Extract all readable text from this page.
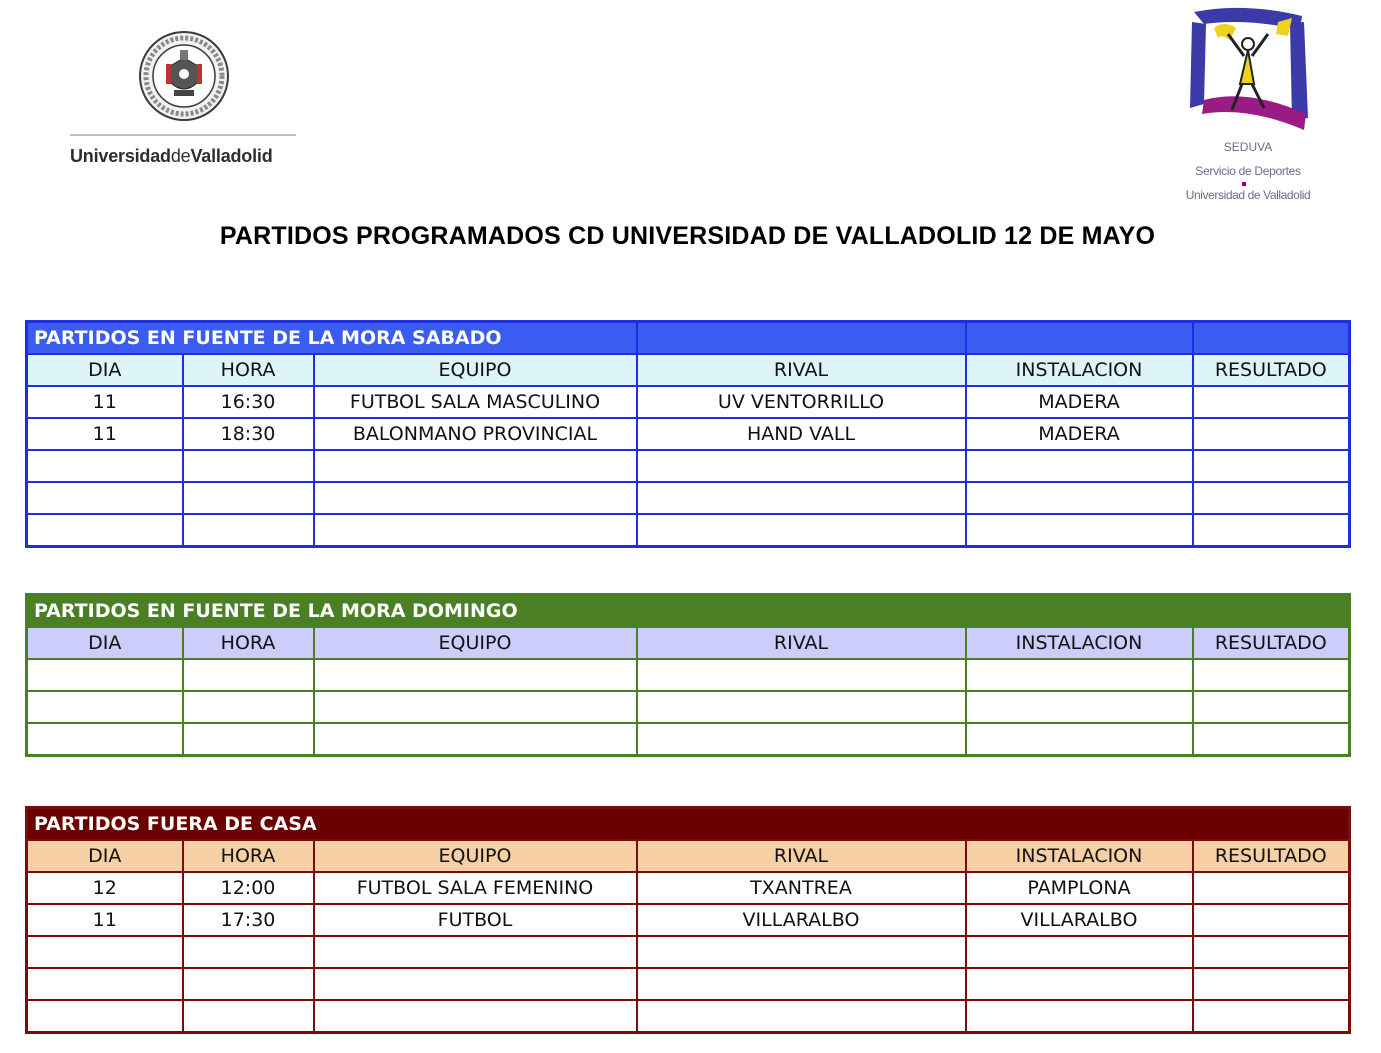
UniversidaddeValladolid	SEDUVA
Servicio de Deportes
Universidad de Valladolid
PARTIDOS PROGRAMADOS CD UNIVERSIDAD DE VALLADOLID 12 DE MAYO
PARTIDOS EN FUENTE DE LA MORA SABADO					
DIA	HORA	EQUIPO	RIVAL	INSTALACION	RESULTADO
11	16:30	FUTBOL SALA MASCULINO	UV VENTORRILLO	MADERA	
11	18:30	BALONMANO PROVINCIAL	HAND VALL	MADERA	

PARTIDOS EN FUENTE DE LA MORA DOMINGO					
DIA	HORA	EQUIPO	RIVAL	INSTALACION	RESULTADO

PARTIDOS FUERA DE CASA					
DIA	HORA	EQUIPO	RIVAL	INSTALACION	RESULTADO
12	12:00	FUTBOL SALA FEMENINO	TXANTREA	PAMPLONA	
11	17:30	FUTBOL	VILLARALBO	VILLARALBO	
